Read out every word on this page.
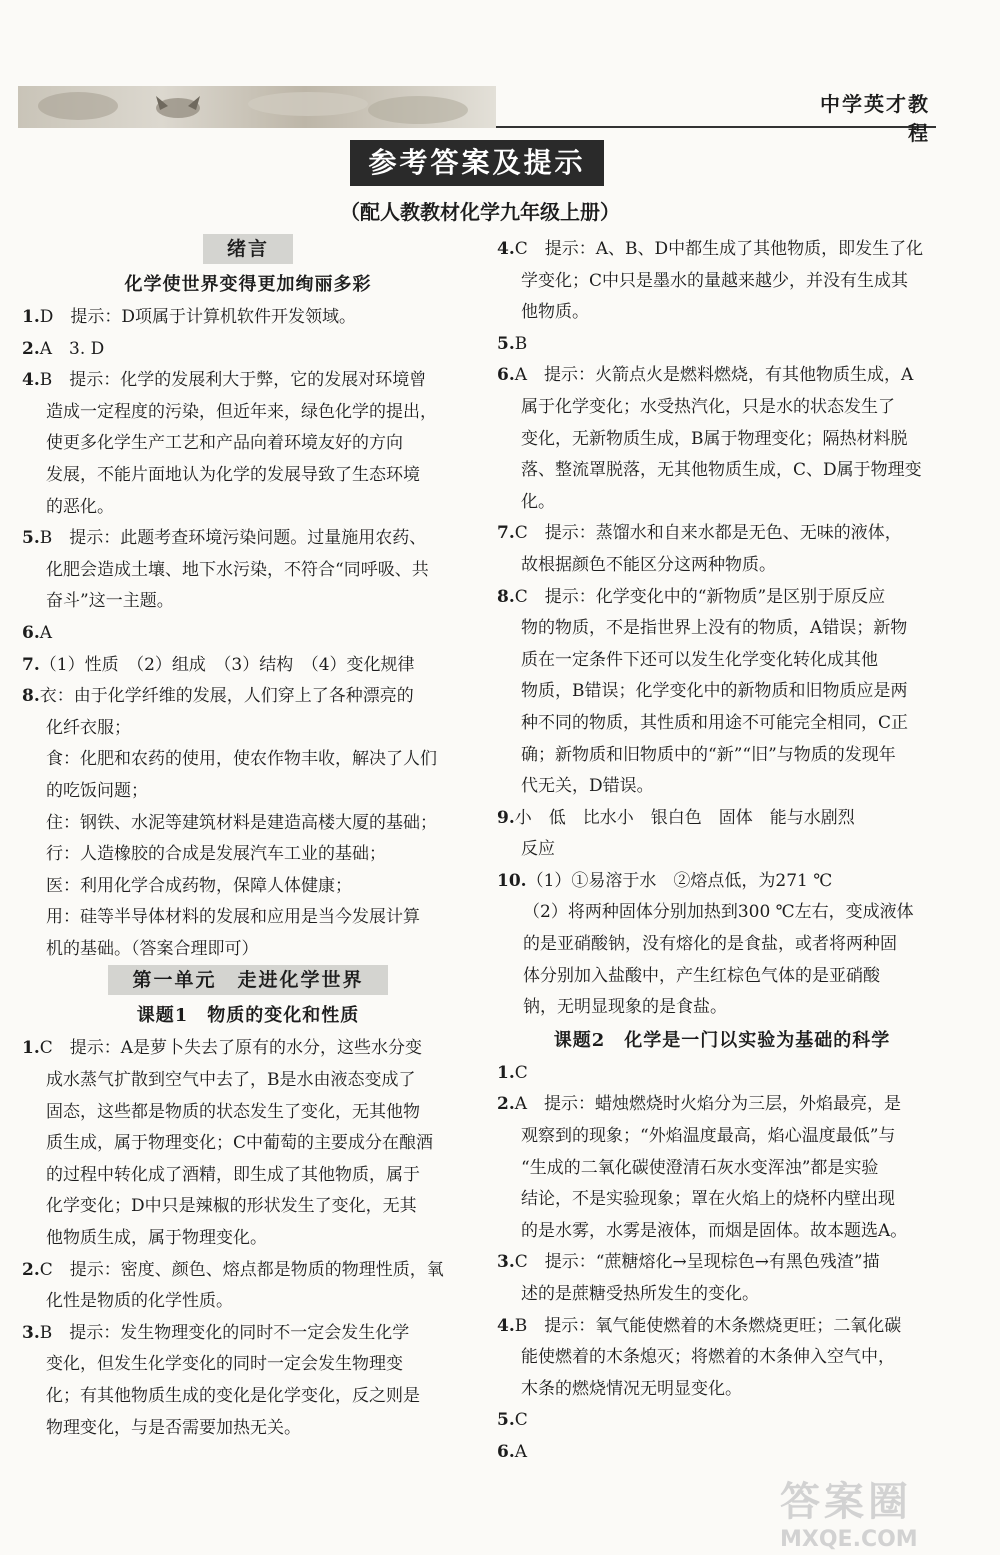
中学英才教程
参考答案及提示
（配人教教材化学九年级上册）
绪言
化学使世界变得更加绚丽多彩
1.D　提示：D项属于计算机软件开发领域。
2.A　3. D
4.B　提示：化学的发展利大于弊，它的发展对环境曾
造成一定程度的污染，但近年来，绿色化学的提出，
使更多化学生产工艺和产品向着环境友好的方向
发展，不能片面地认为化学的发展导致了生态环境
的恶化。
5.B　提示：此题考查环境污染问题。过量施用农药、
化肥会造成土壤、地下水污染，不符合“同呼吸、共
奋斗”这一主题。
6.A
7.（1）性质　（2）组成　（3）结构　（4）变化规律
8.衣：由于化学纤维的发展，人们穿上了各种漂亮的
化纤衣服；
食：化肥和农药的使用，使农作物丰收，解决了人们
的吃饭问题；
住：钢铁、水泥等建筑材料是建造高楼大厦的基础；
行：人造橡胶的合成是发展汽车工业的基础；
医：利用化学合成药物，保障人体健康；
用：硅等半导体材料的发展和应用是当今发展计算
机的基础。（答案合理即可）
第一单元　走进化学世界
课题1　物质的变化和性质
1.C　提示：A是萝卜失去了原有的水分，这些水分变
成水蒸气扩散到空气中去了，B是水由液态变成了
固态，这些都是物质的状态发生了变化，无其他物
质生成，属于物理变化；C中葡萄的主要成分在酿酒
的过程中转化成了酒精，即生成了其他物质，属于
化学变化；D中只是辣椒的形状发生了变化，无其
他物质生成，属于物理变化。
2.C　提示：密度、颜色、熔点都是物质的物理性质，氧
化性是物质的化学性质。
3.B　提示：发生物理变化的同时不一定会发生化学
变化，但发生化学变化的同时一定会发生物理变
化；有其他物质生成的变化是化学变化，反之则是
物理变化，与是否需要加热无关。
4.C　提示：A、B、D中都生成了其他物质，即发生了化
学变化；C中只是墨水的量越来越少，并没有生成其
他物质。
5.B
6.A　提示：火箭点火是燃料燃烧，有其他物质生成，A
属于化学变化；水受热汽化，只是水的状态发生了
变化，无新物质生成，B属于物理变化；隔热材料脱
落、整流罩脱落，无其他物质生成，C、D属于物理变
化。
7.C　提示：蒸馏水和自来水都是无色、无味的液体，
故根据颜色不能区分这两种物质。
8.C　提示：化学变化中的“新物质”是区别于原反应
物的物质，不是指世界上没有的物质，A错误；新物
质在一定条件下还可以发生化学变化转化成其他
物质，B错误；化学变化中的新物质和旧物质应是两
种不同的物质，其性质和用途不可能完全相同，C正
确；新物质和旧物质中的“新”“旧”与物质的发现年
代无关，D错误。
9.小　低　比水小　银白色　固体　能与水剧烈
反应
10.（1）①易溶于水　②熔点低，为271 ℃
（2）将两种固体分别加热到300 ℃左右，变成液体
的是亚硝酸钠，没有熔化的是食盐，或者将两种固
体分别加入盐酸中，产生红棕色气体的是亚硝酸
钠，无明显现象的是食盐。
课题2　化学是一门以实验为基础的科学
1.C
2.A　提示：蜡烛燃烧时火焰分为三层，外焰最亮，是
观察到的现象；“外焰温度最高，焰心温度最低”与
“生成的二氧化碳使澄清石灰水变浑浊”都是实验
结论，不是实验现象；罩在火焰上的烧杯内壁出现
的是水雾，水雾是液体，而烟是固体。故本题选A。
3.C　提示：“蔗糖熔化→呈现棕色→有黑色残渣”描
述的是蔗糖受热所发生的变化。
4.B　提示：氧气能使燃着的木条燃烧更旺；二氧化碳
能使燃着的木条熄灭；将燃着的木条伸入空气中，
木条的燃烧情况无明显变化。
5.C
6.A
答案圈
MXQE.COM
